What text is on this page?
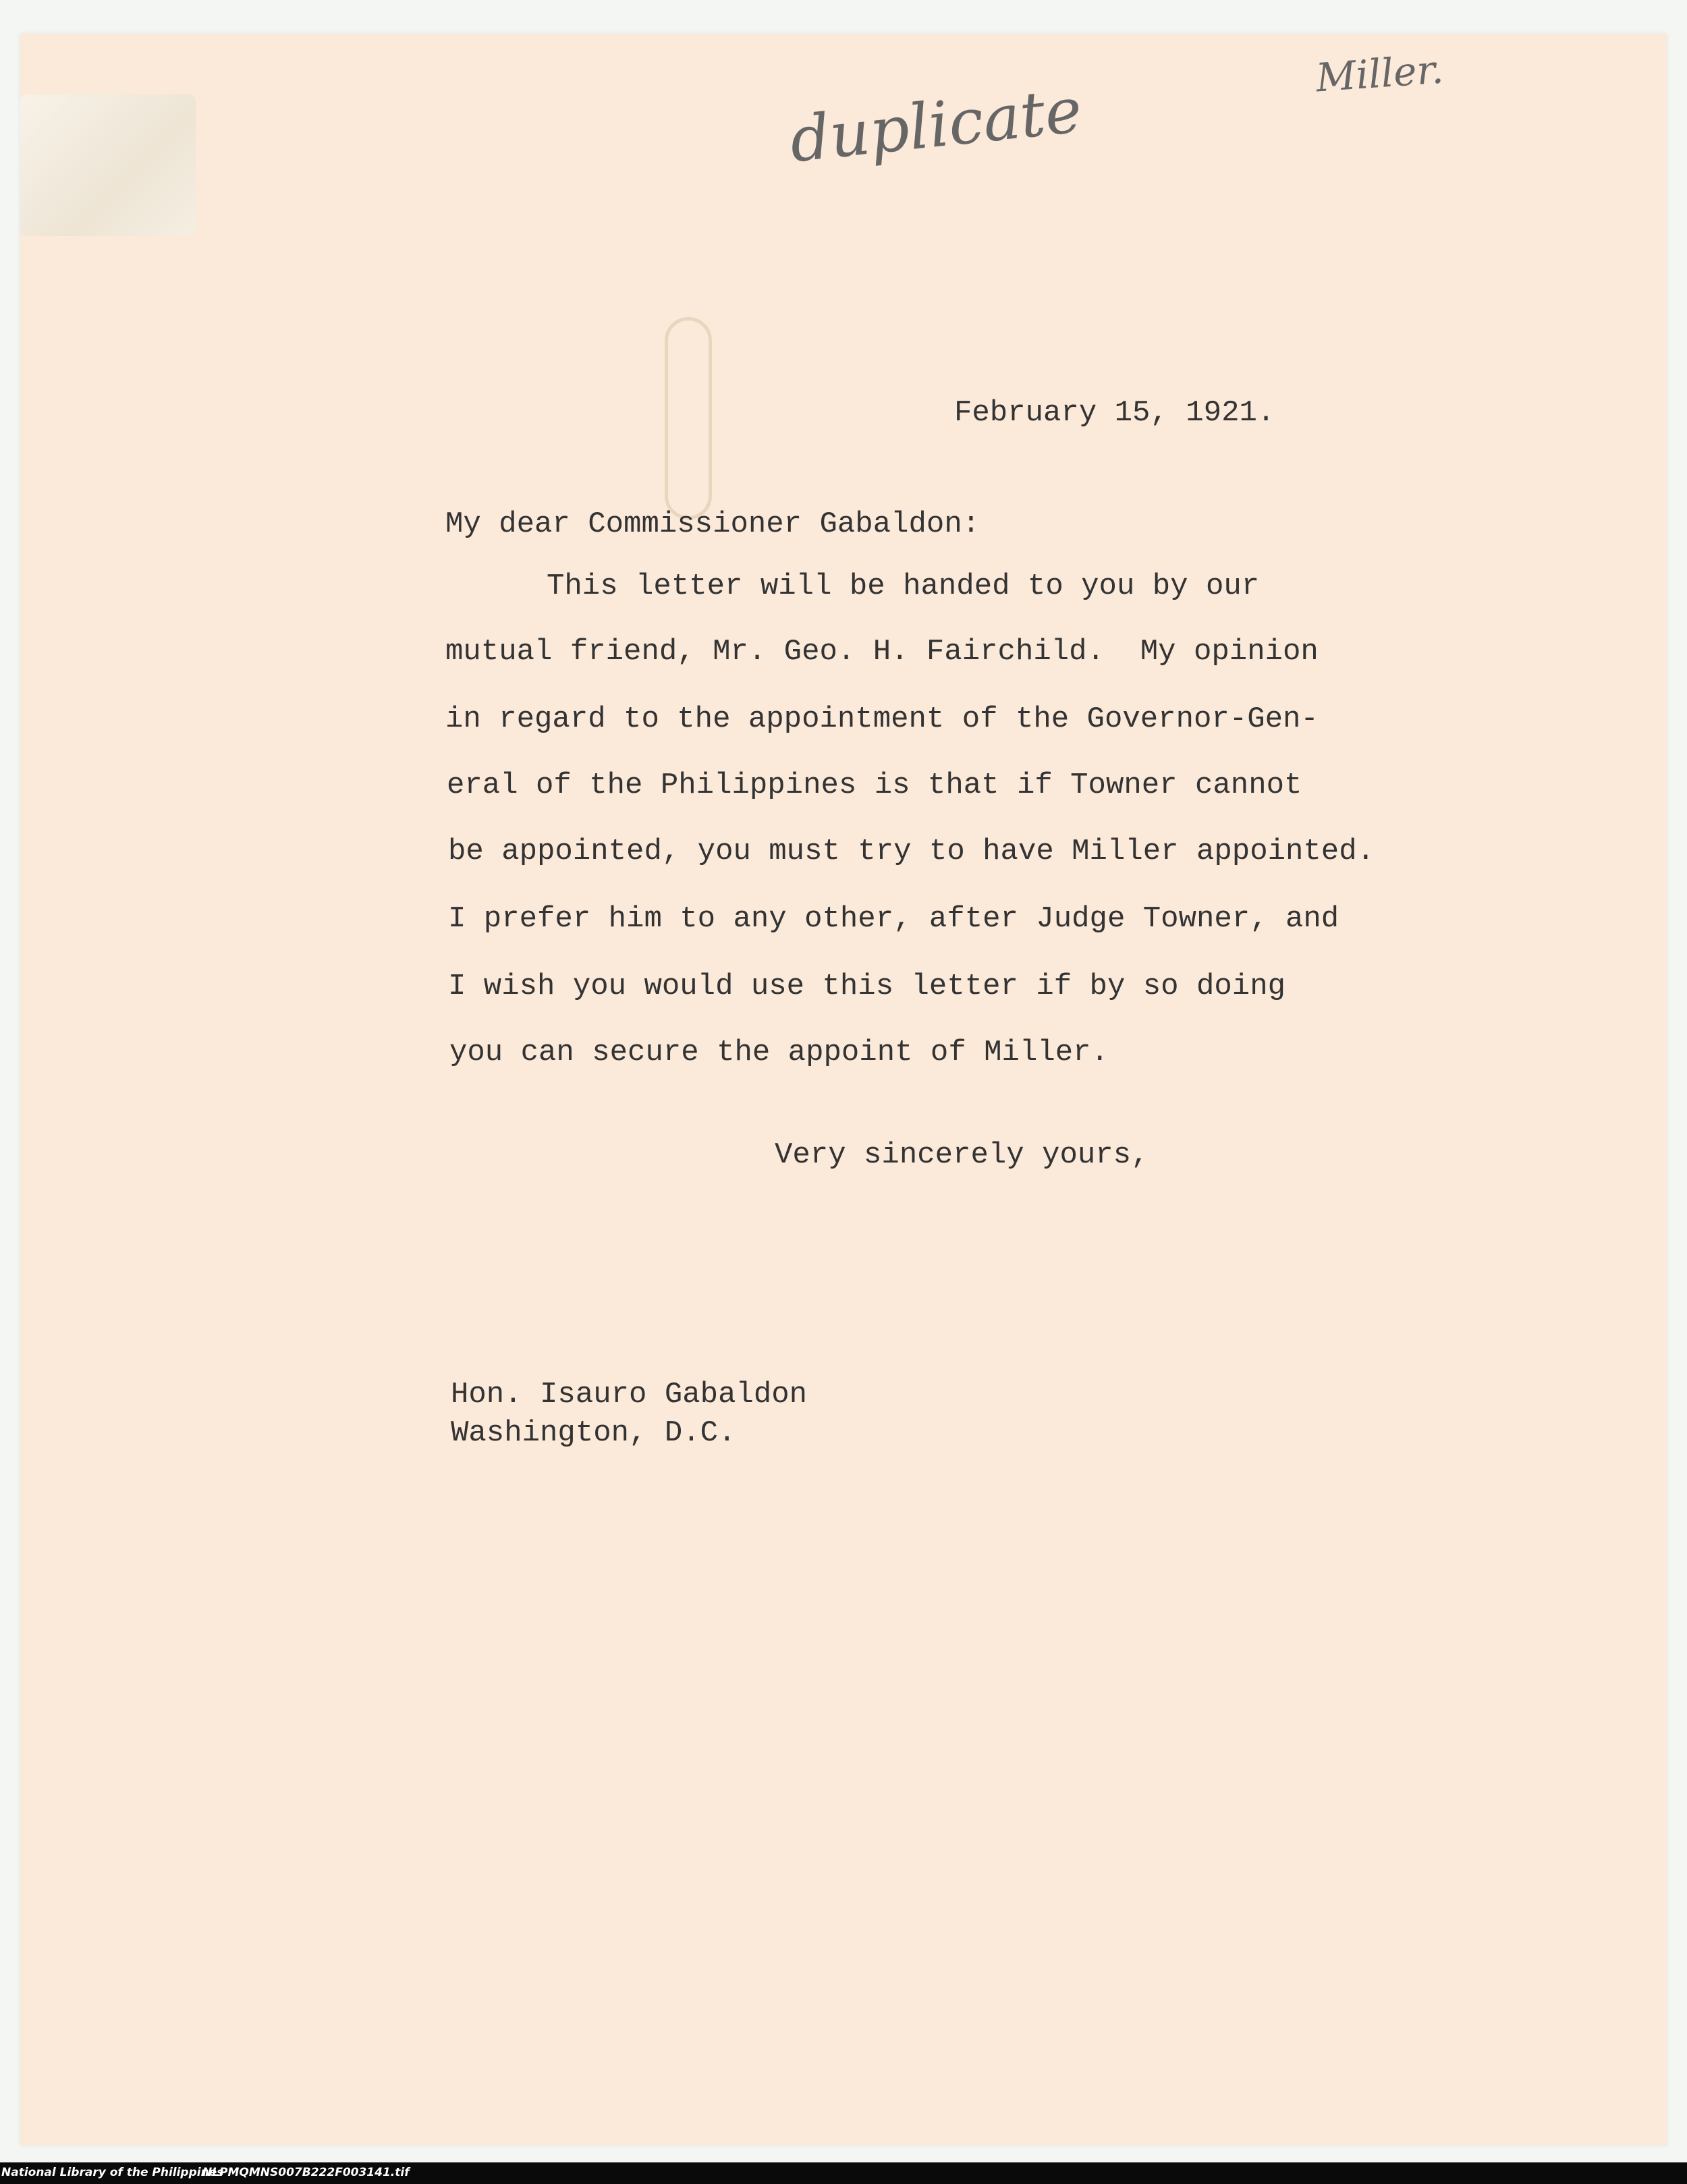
duplicate
Miller.
February 15, 1921.
My dear Commissioner Gabaldon:
This letter will be handed to you by our
mutual friend, Mr. Geo. H. Fairchild.  My opinion
in regard to the appointment of the Governor-Gen-
eral of the Philippines is that if Towner cannot
be appointed, you must try to have Miller appointed.
I prefer him to any other, after Judge Towner, and
I wish you would use this letter if by so doing
you can secure the appoint of Miller.
Very sincerely yours,
Hon. Isauro Gabaldon
Washington, D.C.
National Library of the Philippines
NLPMQMNS007B222F003141.tif
